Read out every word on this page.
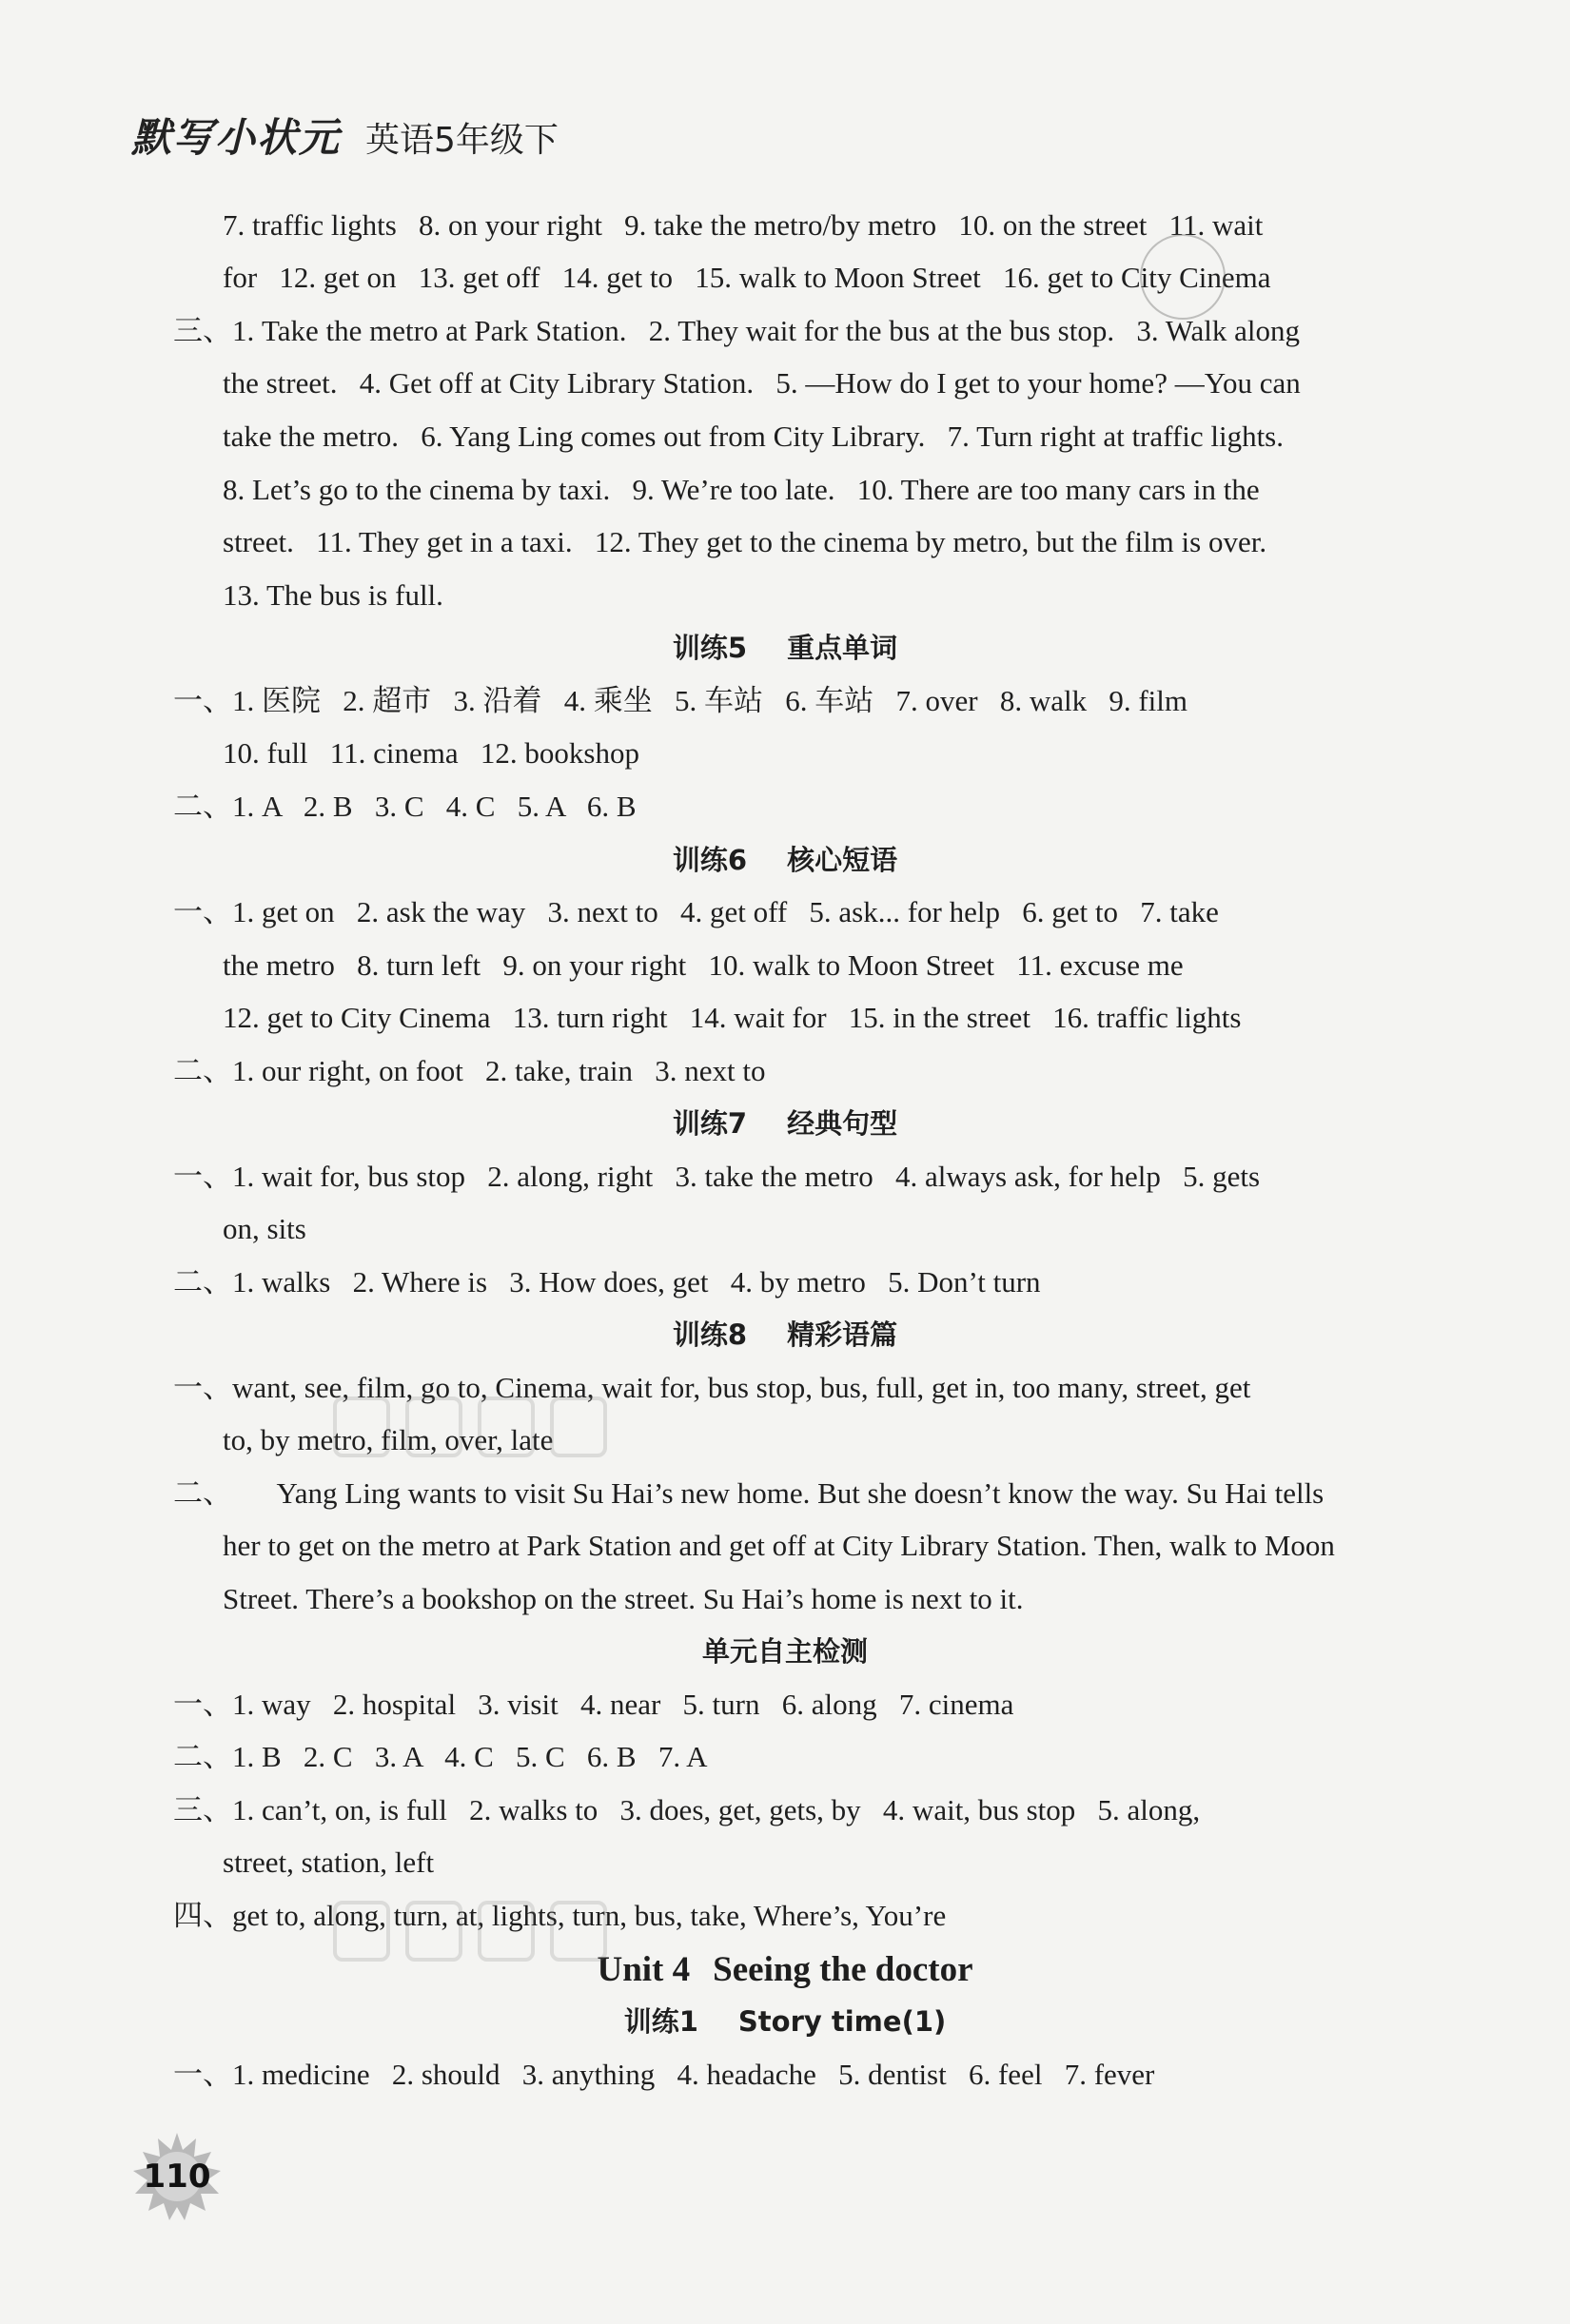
默写小状元 英语5年级下
7. traffic lights   8. on your right   9. take the metro/by metro   10. on the street   11. wait
for   12. get on   13. get off   14. get to   15. walk to Moon Street   16. get to City Cinema
三、1. Take the metro at Park Station.   2. They wait for the bus at the bus stop.   3. Walk along
the street.   4. Get off at City Library Station.   5. —How do I get to your home? —You can
take the metro.   6. Yang Ling comes out from City Library.   7. Turn right at traffic lights.
8. Let’s go to the cinema by taxi.   9. We’re too late.   10. There are too many cars in the
street.   11. They get in a taxi.   12. They get to the cinema by metro, but the film is over.
13. The bus is full.
训练5 重点单词
一、1. 医院   2. 超市   3. 沿着   4. 乘坐   5. 车站   6. 车站   7. over   8. walk   9. film
10. full   11. cinema   12. bookshop
二、1. A   2. B   3. C   4. C   5. A   6. B
训练6 核心短语
一、1. get on   2. ask the way   3. next to   4. get off   5. ask... for help   6. get to   7. take
the metro   8. turn left   9. on your right   10. walk to Moon Street   11. excuse me
12. get to City Cinema   13. turn right   14. wait for   15. in the street   16. traffic lights
二、1. our right, on foot   2. take, train   3. next to
训练7 经典句型
一、1. wait for, bus stop   2. along, right   3. take the metro   4. always ask, for help   5. gets
on, sits
二、1. walks   2. Where is   3. How does, get   4. by metro   5. Don’t turn
训练8 精彩语篇
一、want, see, film, go to, Cinema, wait for, bus stop, bus, full, get in, too many, street, get
to, by metro, film, over, late
二、      Yang Ling wants to visit Su Hai’s new home. But she doesn’t know the way. Su Hai tells
her to get on the metro at Park Station and get off at City Library Station. Then, walk to Moon
Street. There’s a bookshop on the street. Su Hai’s home is next to it.
单元自主检测
一、1. way   2. hospital   3. visit   4. near   5. turn   6. along   7. cinema
二、1. B   2. C   3. A   4. C   5. C   6. B   7. A
三、1. can’t, on, is full   2. walks to   3. does, get, gets, by   4. wait, bus stop   5. along,
street, station, left
四、get to, along, turn, at, lights, turn, bus, take, Where’s, You’re
Unit 4 Seeing the doctor
训练1 Story time(1)
一、1. medicine   2. should   3. anything   4. headache   5. dentist   6. feel   7. fever
110
